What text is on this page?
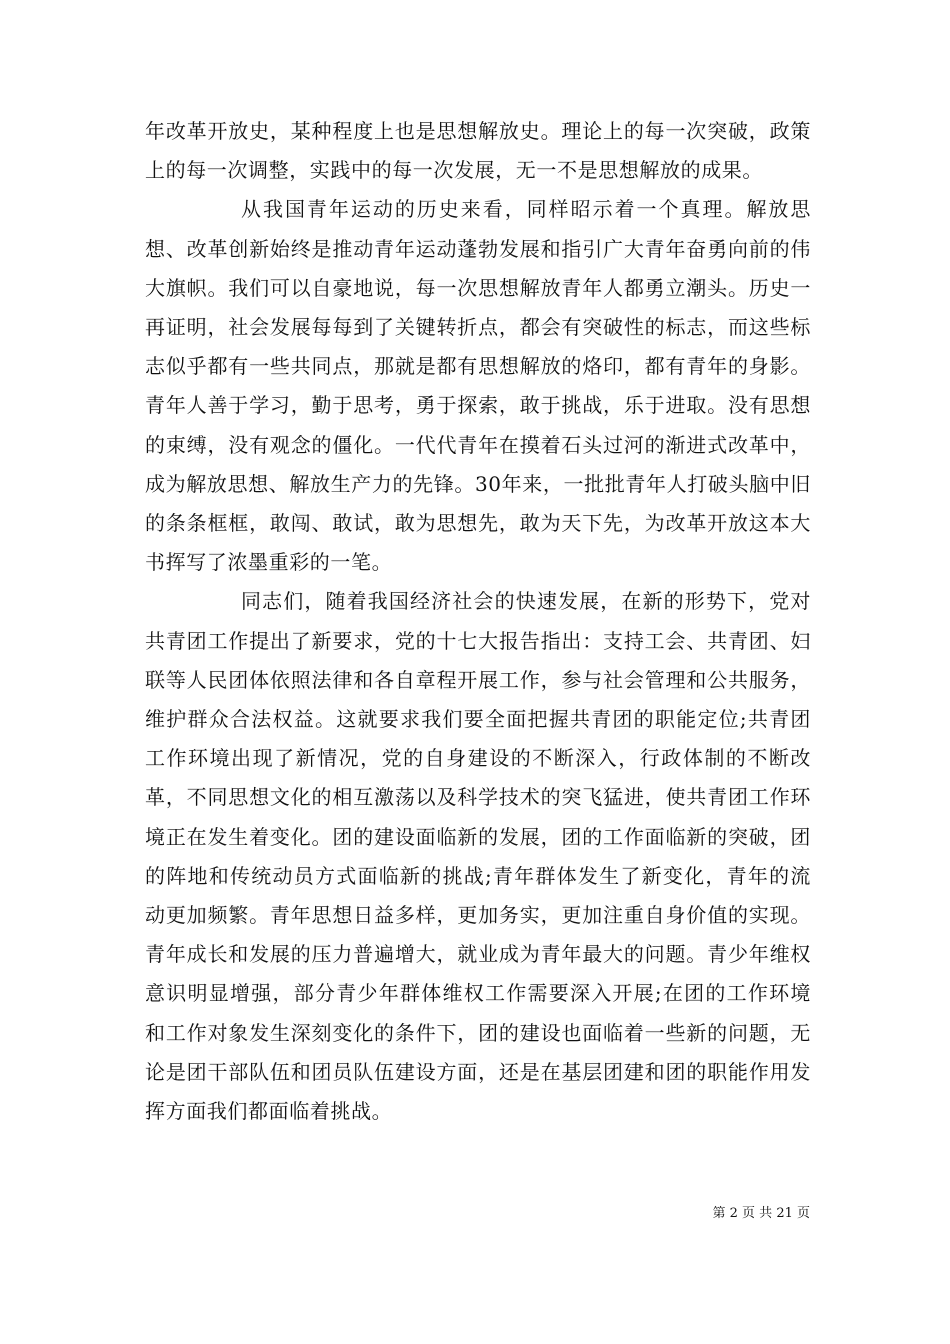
年改革开放史，某种程度上也是思想解放史。理论上的每一次突破，政策上的每一次调整，实践中的每一次发展，无一不是思想解放的成果。

从我国青年运动的历史来看，同样昭示着一个真理。解放思想、改革创新始终是推动青年运动蓬勃发展和指引广大青年奋勇向前的伟大旗帜。我们可以自豪地说，每一次思想解放青年人都勇立潮头。历史一再证明，社会发展每每到了关键转折点，都会有突破性的标志，而这些标志似乎都有一些共同点，那就是都有思想解放的烙印，都有青年的身影。青年人善于学习，勤于思考，勇于探索，敢于挑战，乐于进取。没有思想的束缚，没有观念的僵化。一代代青年在摸着石头过河的渐进式改革中，成为解放思想、解放生产力的先锋。30年来，一批批青年人打破头脑中旧的条条框框，敢闯、敢试，敢为思想先，敢为天下先，为改革开放这本大书挥写了浓墨重彩的一笔。

同志们，随着我国经济社会的快速发展，在新的形势下，党对共青团工作提出了新要求，党的十七大报告指出：支持工会、共青团、妇联等人民团体依照法律和各自章程开展工作，参与社会管理和公共服务，维护群众合法权益。这就要求我们要全面把握共青团的职能定位;共青团工作环境出现了新情况，党的自身建设的不断深入，行政体制的不断改革，不同思想文化的相互激荡以及科学技术的突飞猛进，使共青团工作环境正在发生着变化。团的建设面临新的发展，团的工作面临新的突破，团的阵地和传统动员方式面临新的挑战;青年群体发生了新变化，青年的流动更加频繁。青年思想日益多样，更加务实，更加注重自身价值的实现。青年成长和发展的压力普遍增大，就业成为青年最大的问题。青少年维权意识明显增强，部分青少年群体维权工作需要深入开展;在团的工作环境和工作对象发生深刻变化的条件下，团的建设也面临着一些新的问题，无论是团干部队伍和团员队伍建设方面，还是在基层团建和团的职能作用发挥方面我们都面临着挑战。

第 2 页 共 21 页
